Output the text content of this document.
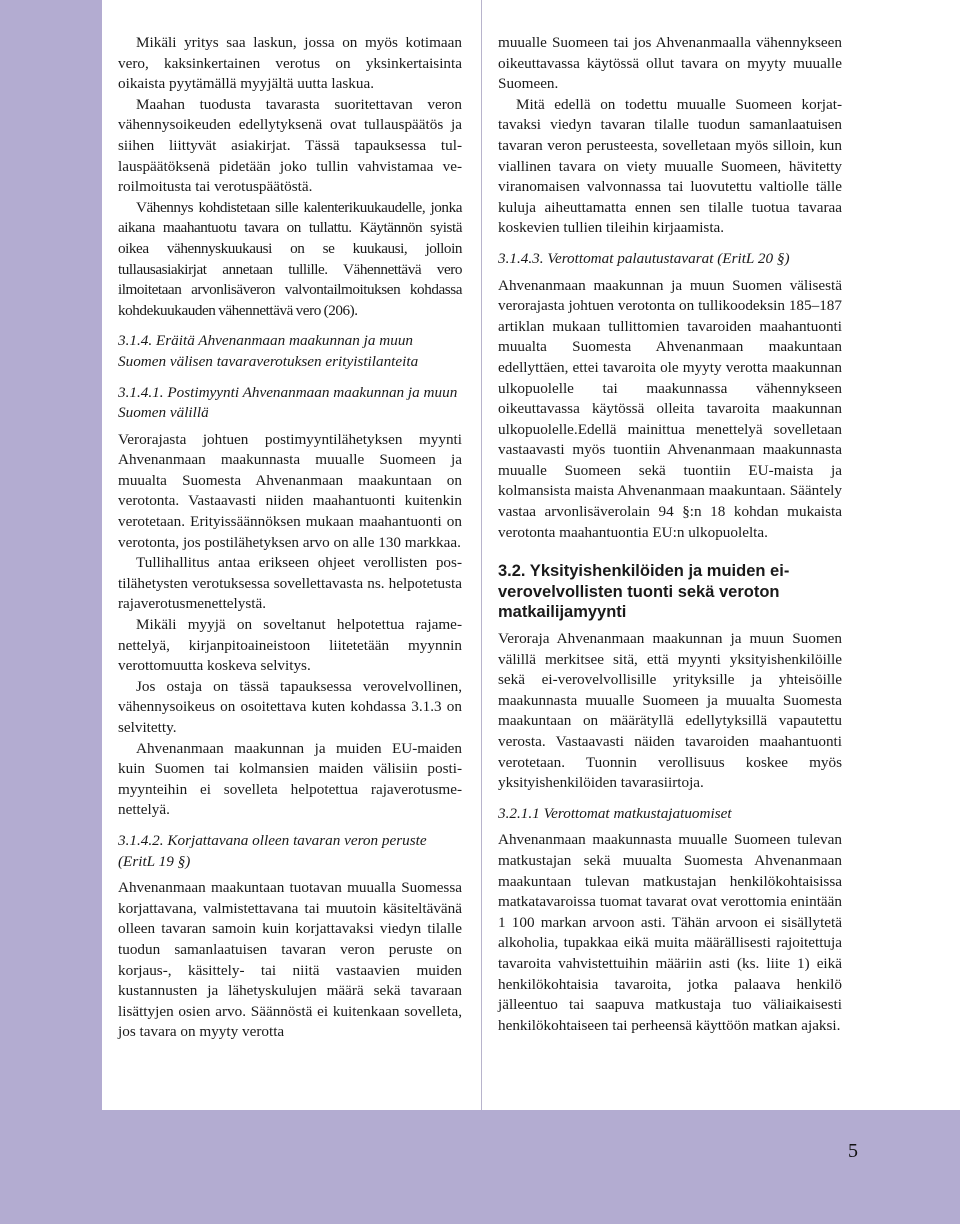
Mikäli yritys saa laskun, jossa on myös kotimaan vero, kaksinkertainen verotus on yksinkertaisinta oikaista pyytämällä myyjältä uutta laskua.

Maahan tuodusta tavarasta suoritettavan veron vähennysoikeuden edellytyksenä ovat tullauspäätös ja siihen liittyvät asiakirjat. Tässä tapauksessa tullauspäätöksenä pidetään joko tullin vahvistamaa veroilmoitusta tai verotuspäätöstä.

Vähennys kohdistetaan sille kalenterikuukaudelle, jonka aikana maahantuotu tavara on tullattu. Käytännön syistä oikea vähennyskuukausi on se kuukausi, jolloin tullausasiakirjat annetaan tullille. Vähennettävä vero ilmoitetaan arvonlisäveron valvontailmoituksen kohdassa kohdekuukauden vähennettävä vero (206).

3.1.4. Eräitä Ahvenanmaan maakunnan ja muun Suomen välisen tavaraverotuksen erityistilanteita
3.1.4.1. Postimyynti Ahvenanmaan maakunnan ja muun Suomen välillä

Verorajasta johtuen postimyyntilähetyksen myynti Ahvenanmaan maakunnasta muualle Suomeen ja muualta Suomesta Ahvenanmaan maakuntaan on verotonta. Vastaavasti niiden maahantuonti kuitenkin verotetaan. Erityissäännöksen mukaan maahantuonti on verotonta, jos postilähetyksen arvo on alle 130 markkaa.

Tullihallitus antaa erikseen ohjeet verollisten postilähetysten verotuksessa sovellettavasta ns. helpotetusta rajaverotusmenettelystä.

Mikäli myyjä on soveltanut helpotettua rajamenettelyä, kirjanpitoaineistoon liitetetään myynnin verottomuutta koskeva selvitys.

Jos ostaja on tässä tapauksessa verovelvollinen, vähennysoikeus on osoitettava kuten kohdassa 3.1.3 on selvitetty.

Ahvenanmaan maakunnan ja muiden EU-maiden kuin Suomen tai kolmansien maiden välisiin postimyynteihin ei sovelleta helpotettua rajaverotusmenettelyä.

3.1.4.2. Korjattavana olleen tavaran veron peruste (EritL 19 §)

Ahvenanmaan maakuntaan tuotavan muualla Suomessa korjattavana, valmistettavana tai muutoin käsiteltävänä olleen tavaran samoin kuin korjattavaksi viedyn tilalle tuodun samanlaatuisen tavaran veron peruste on korjaus-, käsittely- tai niitä vastaavien muiden kustannusten ja lähetyskulujen määrä sekä tavaraan lisättyjen osien arvo. Säännöstä ei kuitenkaan sovelleta, jos tavara on myyty verotta

muualle Suomeen tai jos Ahvenanmaalla vähennykseen oikeuttavassa käytössä ollut tavara on myyty muualle Suomeen.

Mitä edellä on todettu muualle Suomeen korjattavaksi viedyn tavaran tilalle tuodun samanlaatuisen tavaran veron perusteesta, sovelletaan myös silloin, kun viallinen tavara on viety muualle Suomeen, hävitetty viranomaisen valvonnassa tai luovutettu valtiolle tälle kuluja aiheuttamatta ennen sen tilalle tuotua tavaraa koskevien tullien tileihin kirjaamista.

3.1.4.3. Verottomat palautustavarat (EritL 20 §)

Ahvenanmaan maakunnan ja muun Suomen välisestä verorajasta johtuen verotonta on tullikoodeksin 185–187 artiklan mukaan tullittomien tavaroiden maahantuonti muualta Suomesta Ahvenanmaan maakuntaan edellyttäen, ettei tavaroita ole myyty verotta maakunnan ulkopuolelle tai maakunnassa vähennykseen oikeuttavassa käytössä olleita tavaroita maakunnan ulkopuolelle.Edellä mainittua menettelyä sovelletaan vastaavasti myös tuontiin Ahvenanmaan maakunnasta muualle Suomeen sekä tuontiin EU-maista ja kolmansista maista Ahvenanmaan maakuntaan. Sääntely vastaa arvonlisäverolain 94 §:n 18 kohdan mukaista verotonta maahantuontia EU:n ulkopuolelta.

3.2. Yksityishenkilöiden ja muiden eiverovelvollisten tuonti sekä veroton matkailijamyynti

Veroraja Ahvenanmaan maakunnan ja muun Suomen välillä merkitsee sitä, että myynti yksityishenkilöille sekä ei-verovelvollisille yrityksille ja yhteisöille maakunnasta muualle Suomeen ja muualta Suomesta maakuntaan on määrätyllä edellytyksillä vapautettu verosta. Vastaavasti näiden tavaroiden maahantuonti verotetaan. Tuonnin verollisuus koskee myös yksityishenkilöiden tavarasiirtoja.

3.2.1.1 Verottomat matkustajatuomiset

Ahvenanmaan maakunnasta muualle Suomeen tulevan matkustajan sekä muualta Suomesta Ahvenanmaan maakuntaan tulevan matkustajan henkilökohtaisissa matkatavaroissa tuomat tavarat ovat verottomia enintään 1 100 markan arvoon asti. Tähän arvoon ei sisällytetä alkoholia, tupakkaa eikä muita määrällisesti rajoitettuja tavaroita vahvistettuihin määriin asti (ks. liite 1) eikä henkilökohtaisia tavaroita, jotka palaava henkilö jälleentuo tai saapuva matkustaja tuo väliaikaisesti henkilökohtaiseen tai perheensä käyttöön matkan ajaksi.

5
